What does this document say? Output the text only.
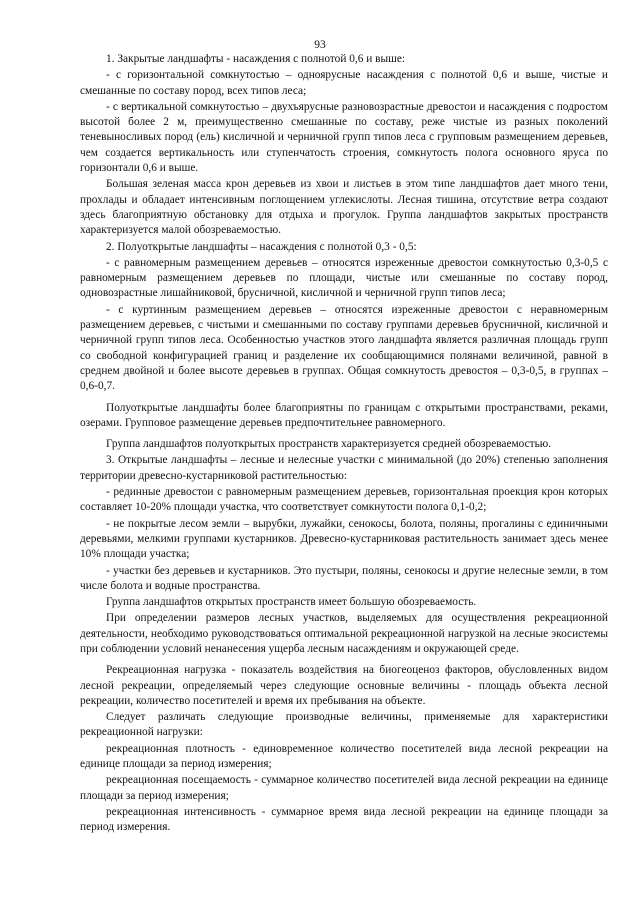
93

1. Закрытые ландшафты - насаждения с полнотой 0,6 и выше:

- с горизонтальной сомкнутостью – одноярусные насаждения с полнотой 0,6 и выше, чистые и смешанные по составу пород, всех типов леса;

- с вертикальной сомкнутостью – двухъярусные разновозрастные древостои и насаждения с подростом высотой более 2 м, преимущественно смешанные по составу, реже чистые из разных поколений теневыносливых пород (ель) кисличной и черничной групп типов леса с групповым размещением деревьев, чем создается вертикальность или ступенчатость строения, сомкнутость полога основного яруса по горизонтали 0,6 и выше.

Большая зеленая масса крон деревьев из хвои и листьев в этом типе ландшафтов дает много тени, прохлады и обладает интенсивным поглощением углекислоты. Лесная тишина, отсутствие ветра создают здесь благоприятную обстановку для отдыха и прогулок. Группа ландшафтов закрытых пространств характеризуется малой обозреваемостью.

2. Полуоткрытые ландшафты – насаждения с полнотой 0,3 - 0,5:

- с равномерным размещением деревьев – относятся изреженные древостои сомкнутостью 0,3-0,5 с равномерным размещением деревьев по площади, чистые или смешанные по составу пород, одновозрастные лишайниковой, брусничной, кисличной и черничной групп типов леса;

- с куртинным размещением деревьев – относятся изреженные древостои с неравномерным размещением деревьев, с чистыми и смешанными по составу группами деревьев брусничной, кисличной и черничной групп типов леса. Особенностью участков этого ландшафта является различная площадь групп со свободной конфигурацией границ и разделение их сообщающимися полянами величиной, равной в среднем двойной и более высоте деревьев в группах. Общая сомкнутость древостоя – 0,3-0,5, в группах – 0,6-0,7.

Полуоткрытые ландшафты более благоприятны по границам с открытыми пространствами, реками, озерами. Групповое размещение деревьев предпочтительнее равномерного.

Группа ландшафтов полуоткрытых пространств характеризуется средней обозреваемостью.

3. Открытые ландшафты – лесные и нелесные участки с минимальной (до 20%) степенью заполнения территории древесно-кустарниковой растительностью:

- рединные древостои с равномерным размещением деревьев, горизонтальная проекция крон которых составляет 10-20% площади участка, что соответствует сомкнутости полога 0,1-0,2;

- не покрытые лесом земли – вырубки, лужайки, сенокосы, болота, поляны, прогалины с единичными деревьями, мелкими группами кустарников. Древесно-кустарниковая растительность занимает здесь менее 10% площади участка;

- участки без деревьев и кустарников. Это пустыри, поляны, сенокосы и другие нелесные земли, в том числе болота и водные пространства.

Группа ландшафтов открытых пространств имеет большую обозреваемость.

При определении размеров лесных участков, выделяемых для осуществления рекреационной деятельности, необходимо руководствоваться оптимальной рекреационной нагрузкой на лесные экосистемы при соблюдении условий ненанесения ущерба лесным насаждениям и окружающей среде.

Рекреационная нагрузка - показатель воздействия на биогеоценоз факторов, обусловленных видом лесной рекреации, определяемый через следующие основные величины - площадь объекта лесной рекреации, количество посетителей и время их пребывания на объекте.

Следует различать следующие производные величины, применяемые для характеристики рекреационной нагрузки:

рекреационная плотность - единовременное количество посетителей вида лесной рекреации на единице площади за период измерения;

рекреационная посещаемость - суммарное количество посетителей вида лесной рекреации на единице площади за период измерения;

рекреационная интенсивность - суммарное время вида лесной рекреации на единице площади за период измерения.
